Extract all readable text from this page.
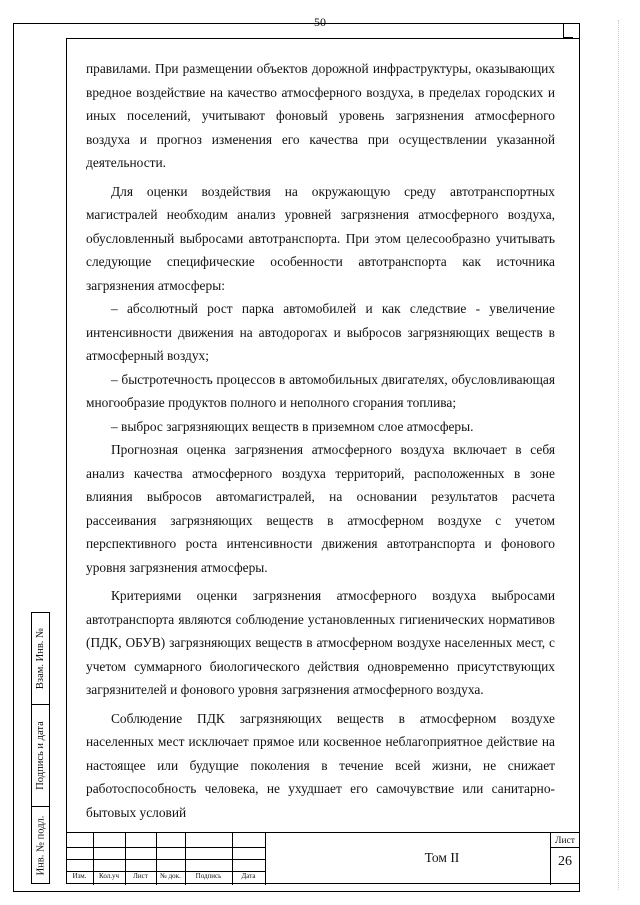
50

правилами. При размещении объектов дорожной инфраструктуры, оказывающих вредное воздействие на качество атмосферного воздуха, в пределах городских и иных поселений, учитывают фоновый уровень загрязнения атмосферного воздуха и прогноз изменения его качества при осуществлении указанной деятельности.

Для оценки воздействия на окружающую среду автотранспортных магистралей необходим анализ уровней загрязнения атмосферного воздуха, обусловленный выбросами автотранспорта. При этом целесообразно учитывать следующие специфические особенности автотранспорта как источника загрязнения атмосферы:

– абсолютный рост парка автомобилей и как следствие - увеличение интенсивности движения на автодорогах и выбросов загрязняющих веществ в атмосферный воздух;

– быстротечность процессов в автомобильных двигателях, обусловливающая многообразие продуктов полного и неполного сгорания топлива;

– выброс загрязняющих веществ в приземном слое атмосферы.

Прогнозная оценка загрязнения атмосферного воздуха включает в себя анализ качества атмосферного воздуха территорий, расположенных в зоне влияния выбросов автомагистралей, на основании результатов расчета рассеивания загрязняющих веществ в атмосферном воздухе с учетом перспективного роста интенсивности движения автотранспорта и фонового уровня загрязнения атмосферы.

Критериями оценки загрязнения атмосферного воздуха выбросами автотранспорта являются соблюдение установленных гигиенических нормативов (ПДК, ОБУВ) загрязняющих веществ в атмосферном воздухе населенных мест, с учетом суммарного биологического действия одновременно присутствующих загрязнителей и фонового уровня загрязнения атмосферного воздуха.

Соблюдение ПДК загрязняющих веществ в атмосферном воздухе населенных мест исключает прямое или косвенное неблагоприятное действие на настоящее или будущие поколения в течение всей жизни, не снижает работоспособность человека, не ухудшает его самочувствие или санитарно-бытовых условий

Взам. Инв. №
Подпись и дата
Инв. № подл.
Изм.	Кол.уч	Лист	№ док.	Подпись	Дата
Том II
Лист
26
